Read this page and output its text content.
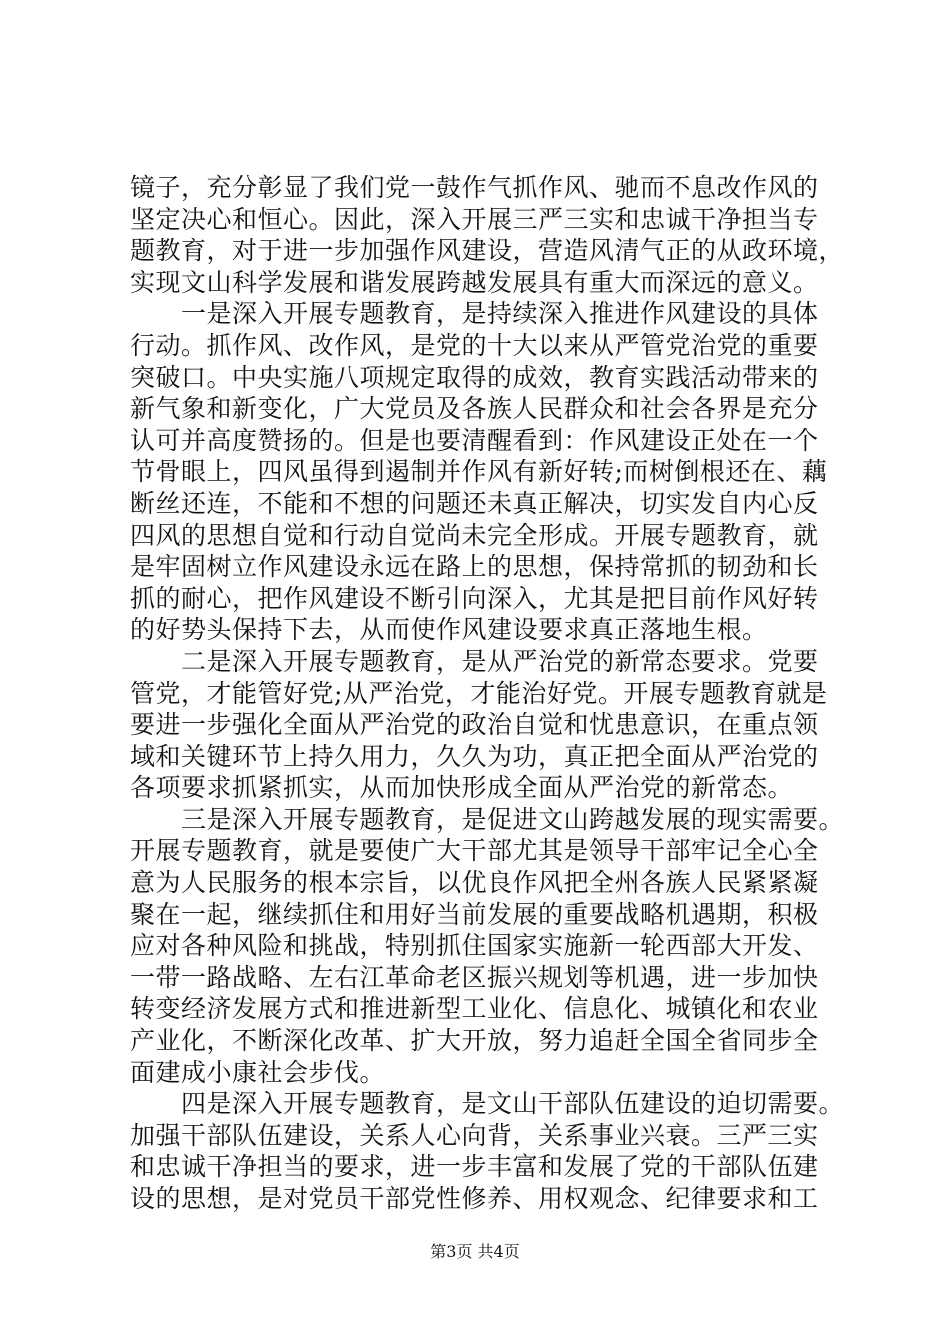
镜子，充分彰显了我们党一鼓作气抓作风、驰而不息改作风的
坚定决心和恒心。因此，深入开展三严三实和忠诚干净担当专
题教育，对于进一步加强作风建设，营造风清气正的从政环境，
实现文山科学发展和谐发展跨越发展具有重大而深远的意义。
　　一是深入开展专题教育，是持续深入推进作风建设的具体
行动。抓作风、改作风，是党的十大以来从严管党治党的重要
突破口。中央实施八项规定取得的成效，教育实践活动带来的
新气象和新变化，广大党员及各族人民群众和社会各界是充分
认可并高度赞扬的。但是也要清醒看到：作风建设正处在一个
节骨眼上，四风虽得到遏制并作风有新好转;而树倒根还在、藕
断丝还连，不能和不想的问题还未真正解决，切实发自内心反
四风的思想自觉和行动自觉尚未完全形成。开展专题教育，就
是牢固树立作风建设永远在路上的思想，保持常抓的韧劲和长
抓的耐心，把作风建设不断引向深入，尤其是把目前作风好转
的好势头保持下去，从而使作风建设要求真正落地生根。
　　二是深入开展专题教育，是从严治党的新常态要求。党要
管党，才能管好党;从严治党，才能治好党。开展专题教育就是
要进一步强化全面从严治党的政治自觉和忧患意识，在重点领
域和关键环节上持久用力，久久为功，真正把全面从严治党的
各项要求抓紧抓实，从而加快形成全面从严治党的新常态。
　　三是深入开展专题教育，是促进文山跨越发展的现实需要。
开展专题教育，就是要使广大干部尤其是领导干部牢记全心全
意为人民服务的根本宗旨，以优良作风把全州各族人民紧紧凝
聚在一起，继续抓住和用好当前发展的重要战略机遇期，积极
应对各种风险和挑战，特别抓住国家实施新一轮西部大开发、
一带一路战略、左右江革命老区振兴规划等机遇，进一步加快
转变经济发展方式和推进新型工业化、信息化、城镇化和农业
产业化，不断深化改革、扩大开放，努力追赶全国全省同步全
面建成小康社会步伐。
　　四是深入开展专题教育，是文山干部队伍建设的迫切需要。
加强干部队伍建设，关系人心向背，关系事业兴衰。三严三实
和忠诚干净担当的要求，进一步丰富和发展了党的干部队伍建
设的思想，是对党员干部党性修养、用权观念、纪律要求和工
第3页 共4页
